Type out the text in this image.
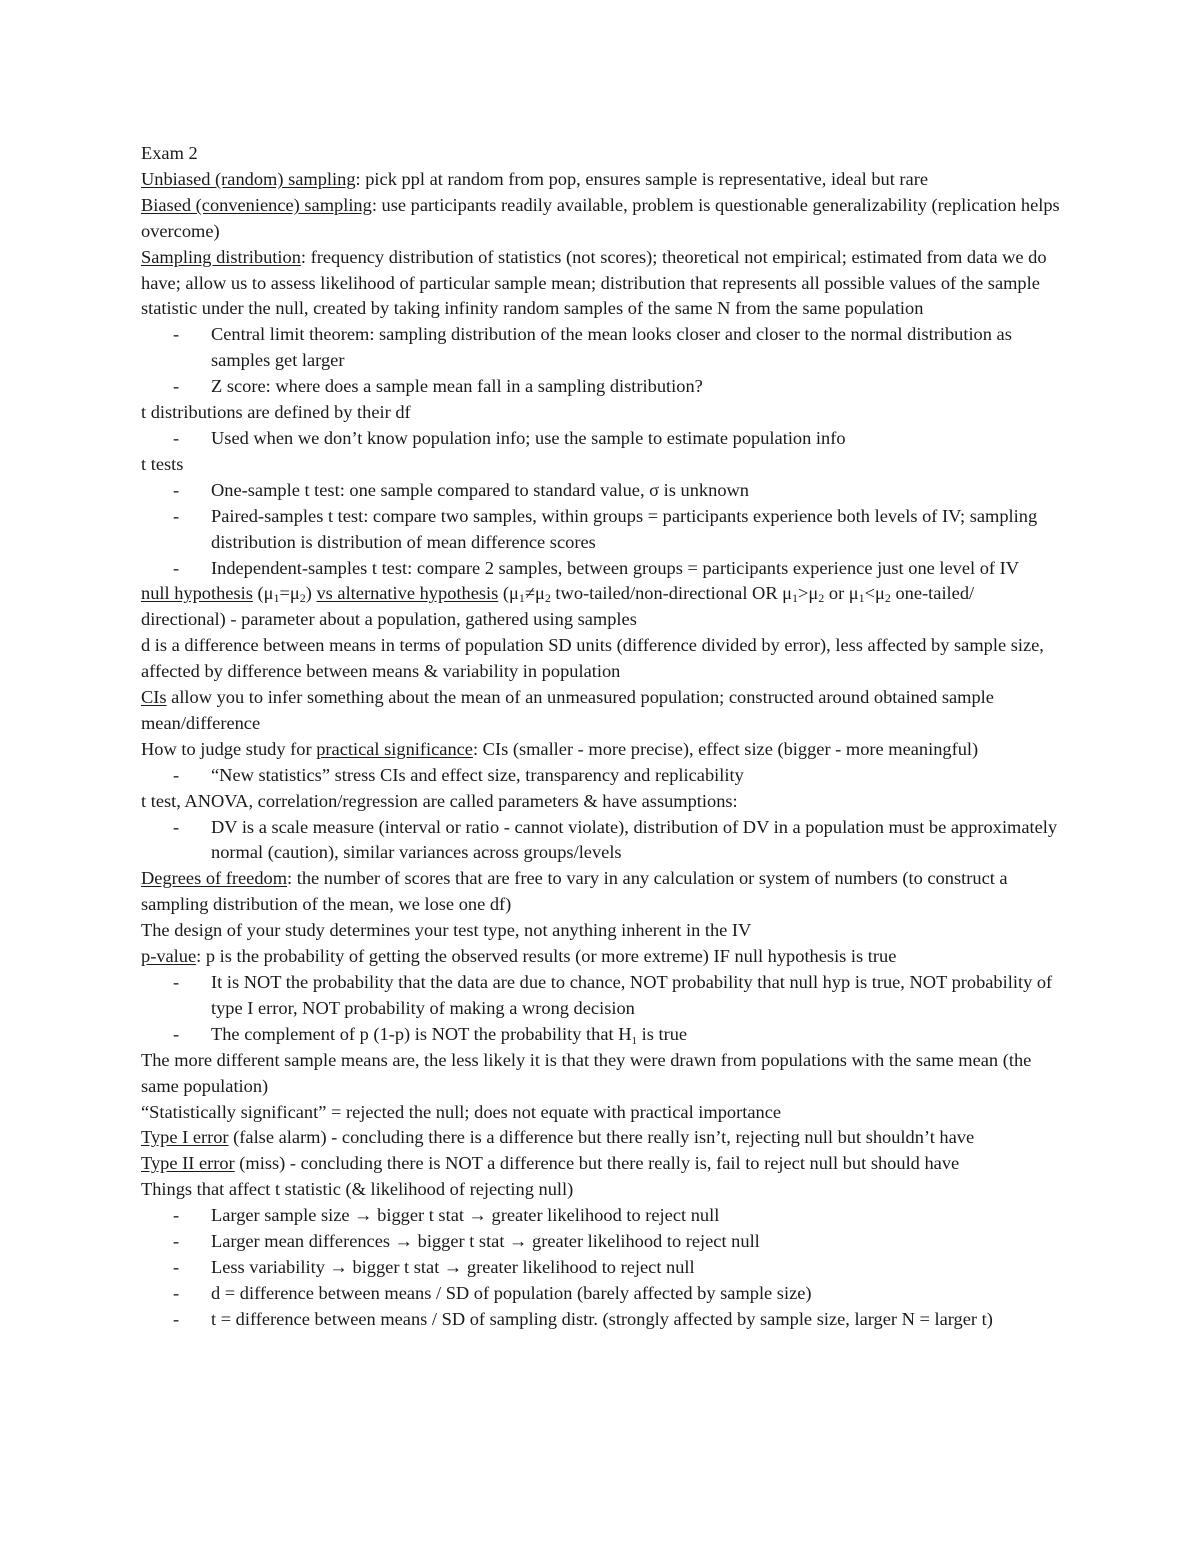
Exam 2

Unbiased (random) sampling: pick ppl at random from pop, ensures sample is representative, ideal but rare

Biased (convenience) sampling: use participants readily available, problem is questionable generalizability (replication helps overcome)

Sampling distribution: frequency distribution of statistics (not scores); theoretical not empirical; estimated from data we do have; allow us to assess likelihood of particular sample mean; distribution that represents all possible values of the sample statistic under the null, created by taking infinity random samples of the same N from the same population

- Central limit theorem: sampling distribution of the mean looks closer and closer to the normal distribution as samples get larger

- Z score: where does a sample mean fall in a sampling distribution?

t distributions are defined by their df

- Used when we don’t know population info; use the sample to estimate population info

t tests

- One-sample t test: one sample compared to standard value, σ is unknown

- Paired-samples t test: compare two samples, within groups = participants experience both levels of IV; sampling distribution is distribution of mean difference scores

- Independent-samples t test: compare 2 samples, between groups = participants experience just one level of IV

null hypothesis $(\mu_1=\mu_2)$ vs alternative hypothesis ($\mu_1\ne\mu_2$ two-tailed/non-directional OR $\mu_1>\mu_2$ or $\mu_1<\mu_2$ one-tailed/ directional) - parameter about a population, gathered using samples

d is a difference between means in terms of population SD units (difference divided by error), less affected by sample size, affected by difference between means & variability in population

CIs allow you to infer something about the mean of an unmeasured population; constructed around obtained sample mean/difference

How to judge study for practical significance: CIs (smaller - more precise), effect size (bigger - more meaningful)

- “New statistics” stress CIs and effect size, transparency and replicability

t test, ANOVA, correlation/regression are called parameters & have assumptions:

- DV is a scale measure (interval or ratio - cannot violate), distribution of DV in a population must be approximately normal (caution), similar variances across groups/levels

Degrees of freedom: the number of scores that are free to vary in any calculation or system of numbers (to construct a sampling distribution of the mean, we lose one df)

The design of your study determines your test type, not anything inherent in the IV

p-value: p is the probability of getting the observed results (or more extreme) IF null hypothesis is true

- It is NOT the probability that the data are due to chance, NOT probability that null hyp is true, NOT probability of type I error, NOT probability of making a wrong decision

- The complement of p (1-p) is NOT the probability that $H_1$ is true

The more different sample means are, the less likely it is that they were drawn from populations with the same mean (the same population)

“Statistically significant” = rejected the null; does not equate with practical importance

Type I error (false alarm) - concluding there is a difference but there really isn’t, rejecting null but shouldn’t have

Type II error (miss) - concluding there is NOT a difference but there really is, fail to reject null but should have

Things that affect t statistic (& likelihood of rejecting null)

- Larger sample size → bigger t stat → greater likelihood to reject null

- Larger mean differences → bigger t stat → greater likelihood to reject null

- Less variability → bigger t stat → greater likelihood to reject null

- d = difference between means / SD of population (barely affected by sample size)

- t = difference between means / SD of sampling distr. (strongly affected by sample size, larger N = larger t)
